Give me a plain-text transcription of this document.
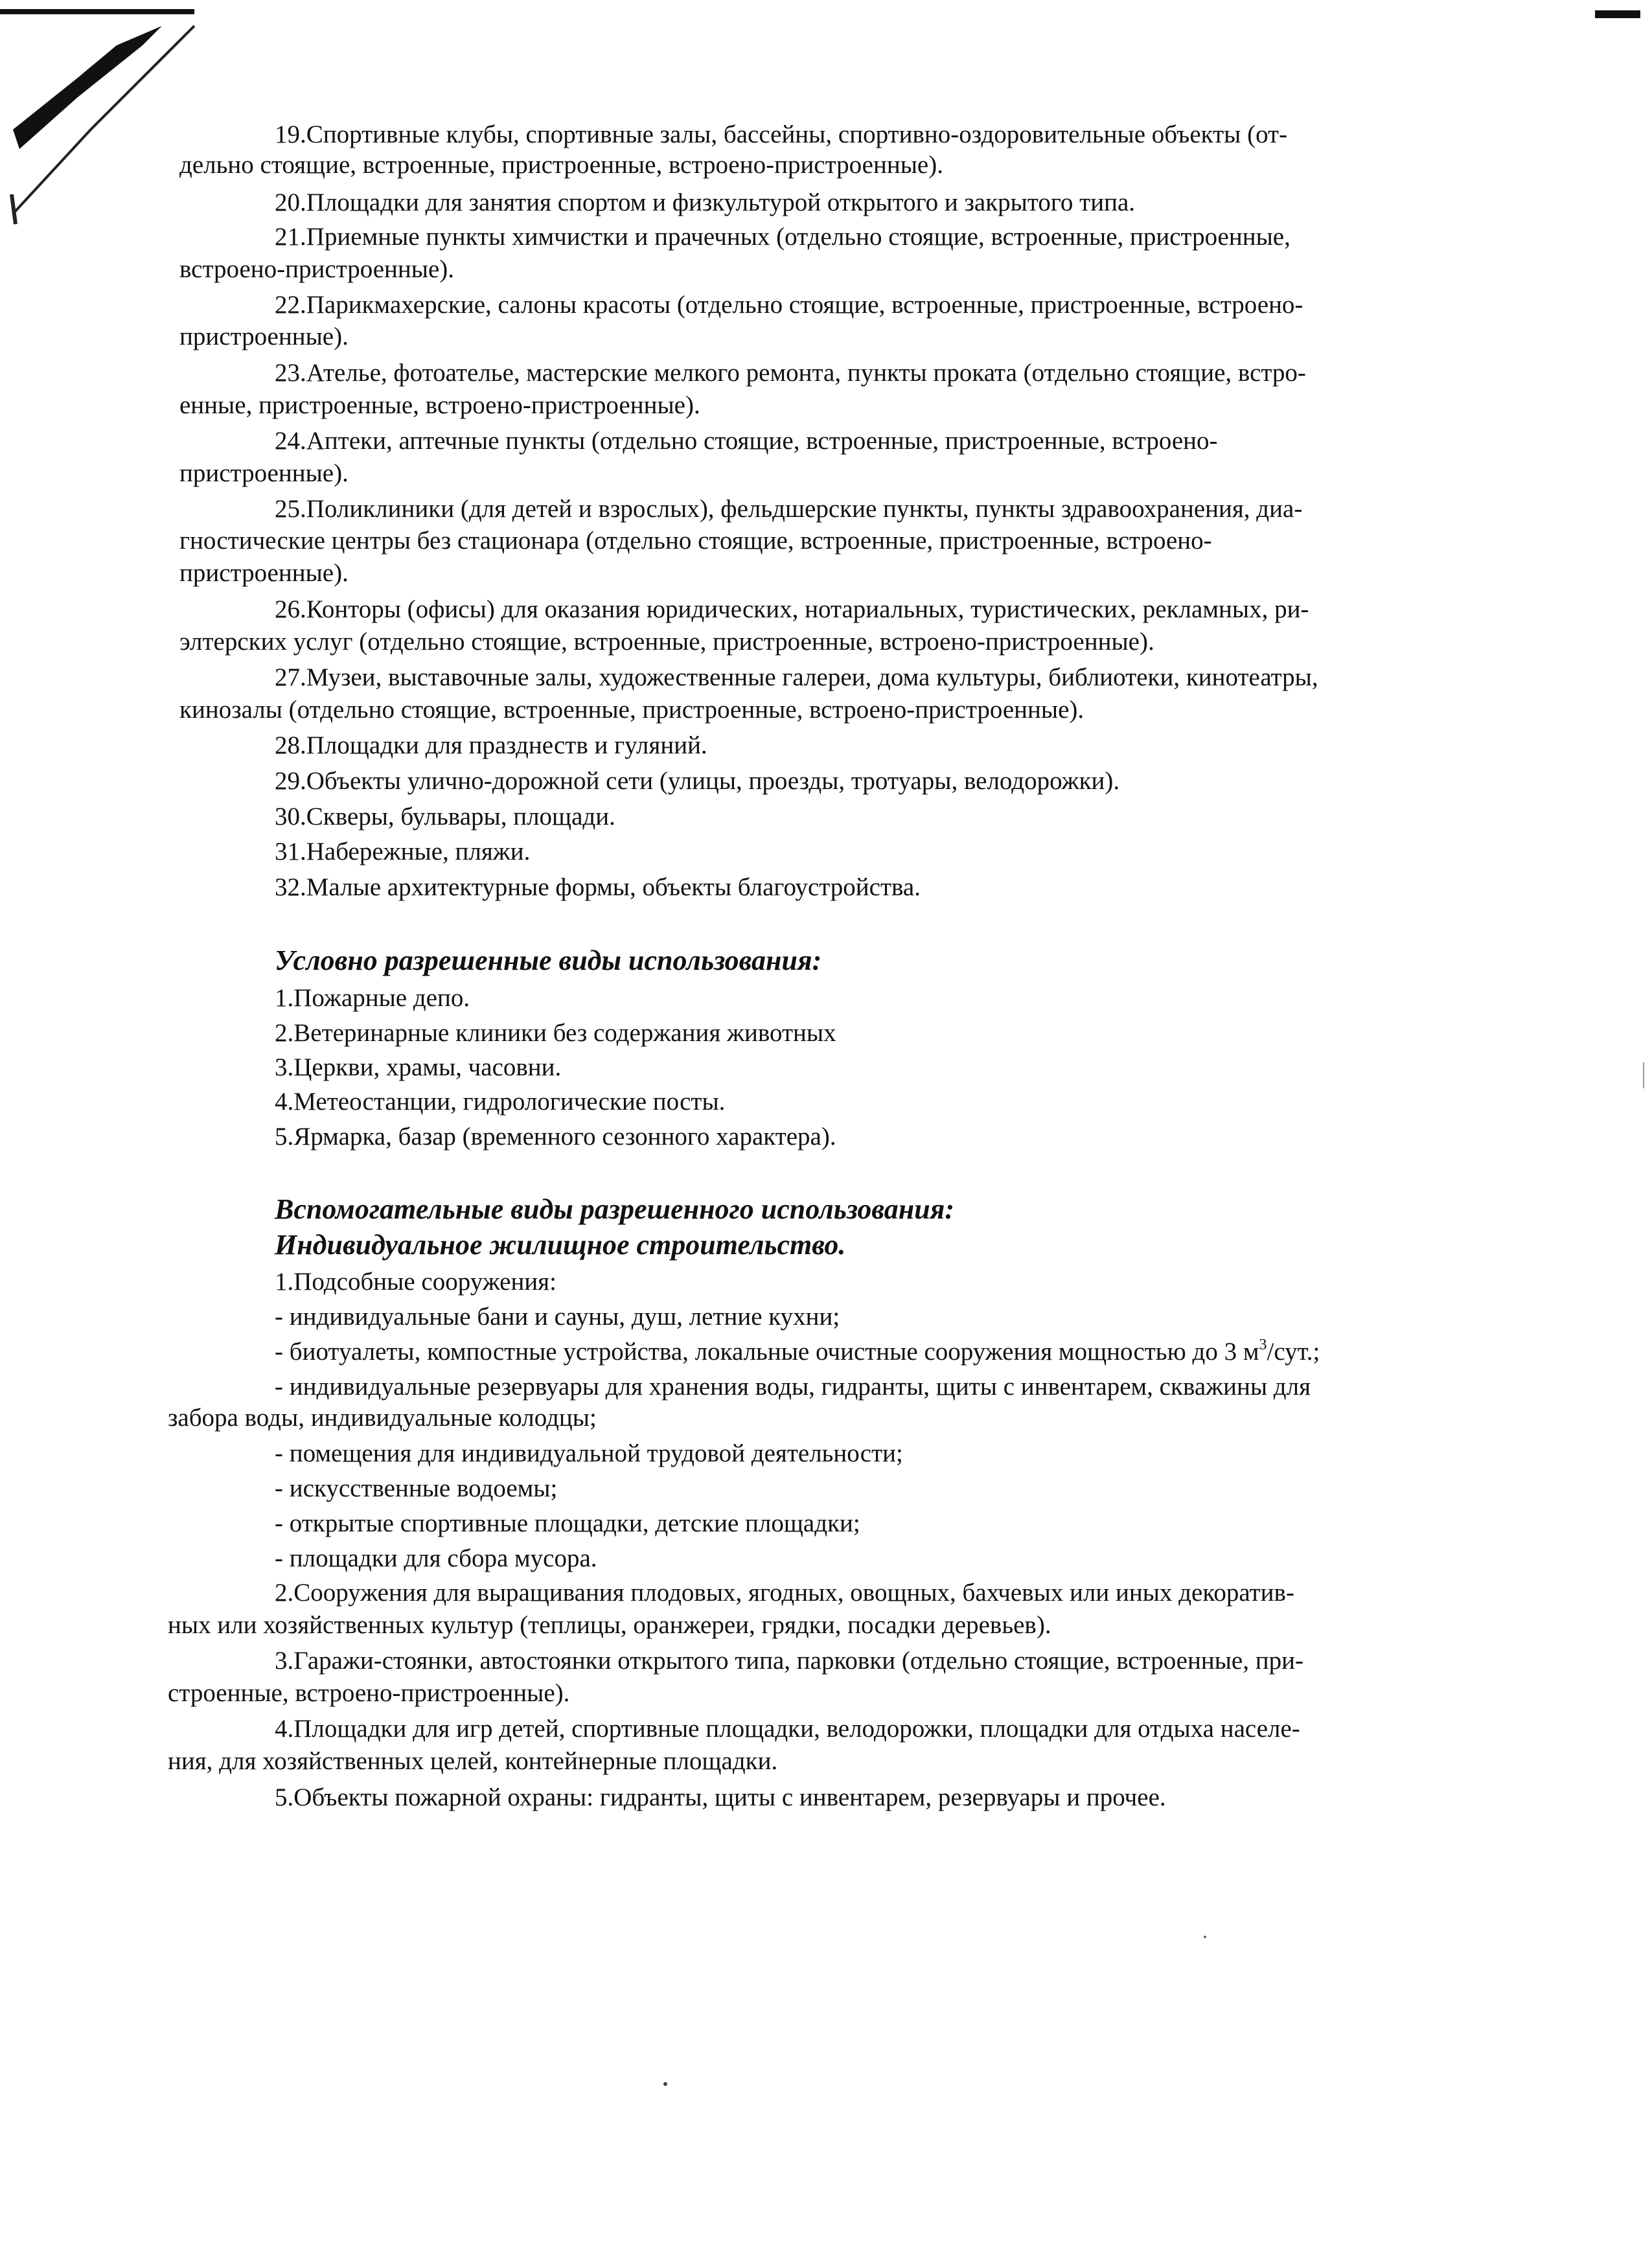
19.Спортивные клубы, спортивные залы, бассейны, спортивно-оздоровительные объекты (от-
дельно стоящие, встроенные, пристроенные, встроено-пристроенные).
20.Площадки для занятия спортом и физкультурой открытого и закрытого типа.
21.Приемные пункты химчистки и прачечных (отдельно стоящие, встроенные, пристроенные,
встроено-пристроенные).
22.Парикмахерские, салоны красоты (отдельно стоящие, встроенные, пристроенные, встроено-
пристроенные).
23.Ателье, фотоателье, мастерские мелкого ремонта, пункты проката (отдельно стоящие, встро-
енные, пристроенные, встроено-пристроенные).
24.Аптеки, аптечные пункты (отдельно стоящие, встроенные, пристроенные, встроено-
пристроенные).
25.Поликлиники (для детей и взрослых), фельдшерские пункты, пункты здравоохранения, диа-
гностические центры без стационара (отдельно стоящие, встроенные, пристроенные, встроено-
пристроенные).
26.Конторы (офисы) для оказания юридических, нотариальных, туристических, рекламных, ри-
элтерских услуг (отдельно стоящие, встроенные, пристроенные, встроено-пристроенные).
27.Музеи, выставочные залы, художественные галереи, дома культуры, библиотеки, кинотеатры,
кинозалы (отдельно стоящие, встроенные, пристроенные, встроено-пристроенные).
28.Площадки для празднеств и гуляний.
29.Объекты улично-дорожной сети (улицы, проезды, тротуары, велодорожки).
30.Скверы, бульвары, площади.
31.Набережные, пляжи.
32.Малые архитектурные формы, объекты благоустройства.
Условно разрешенные виды использования:
1.Пожарные депо.
2.Ветеринарные клиники без содержания животных
3.Церкви, храмы, часовни.
4.Метеостанции, гидрологические посты.
5.Ярмарка, базар (временного сезонного характера).
Вспомогательные виды разрешенного использования:
Индивидуальное жилищное строительство.
1.Подсобные сооружения:
- индивидуальные бани и сауны, душ, летние кухни;
- биотуалеты, компостные устройства, локальные очистные сооружения мощностью до 3 $м^3$/сут.;
- индивидуальные резервуары для хранения воды, гидранты, щиты с инвентарем, скважины для
забора воды, индивидуальные колодцы;
- помещения для индивидуальной трудовой деятельности;
- искусственные водоемы;
- открытые спортивные площадки, детские площадки;
- площадки для сбора мусора.
2.Сооружения для выращивания плодовых, ягодных, овощных, бахчевых или иных декоратив-
ных или хозяйственных культур (теплицы, оранжереи, грядки, посадки деревьев).
3.Гаражи-стоянки, автостоянки открытого типа, парковки (отдельно стоящие, встроенные, при-
строенные, встроено-пристроенные).
4.Площадки для игр детей, спортивные площадки, велодорожки, площадки для отдыха населе-
ния, для хозяйственных целей, контейнерные площадки.
5.Объекты пожарной охраны: гидранты, щиты с инвентарем, резервуары и прочее.
